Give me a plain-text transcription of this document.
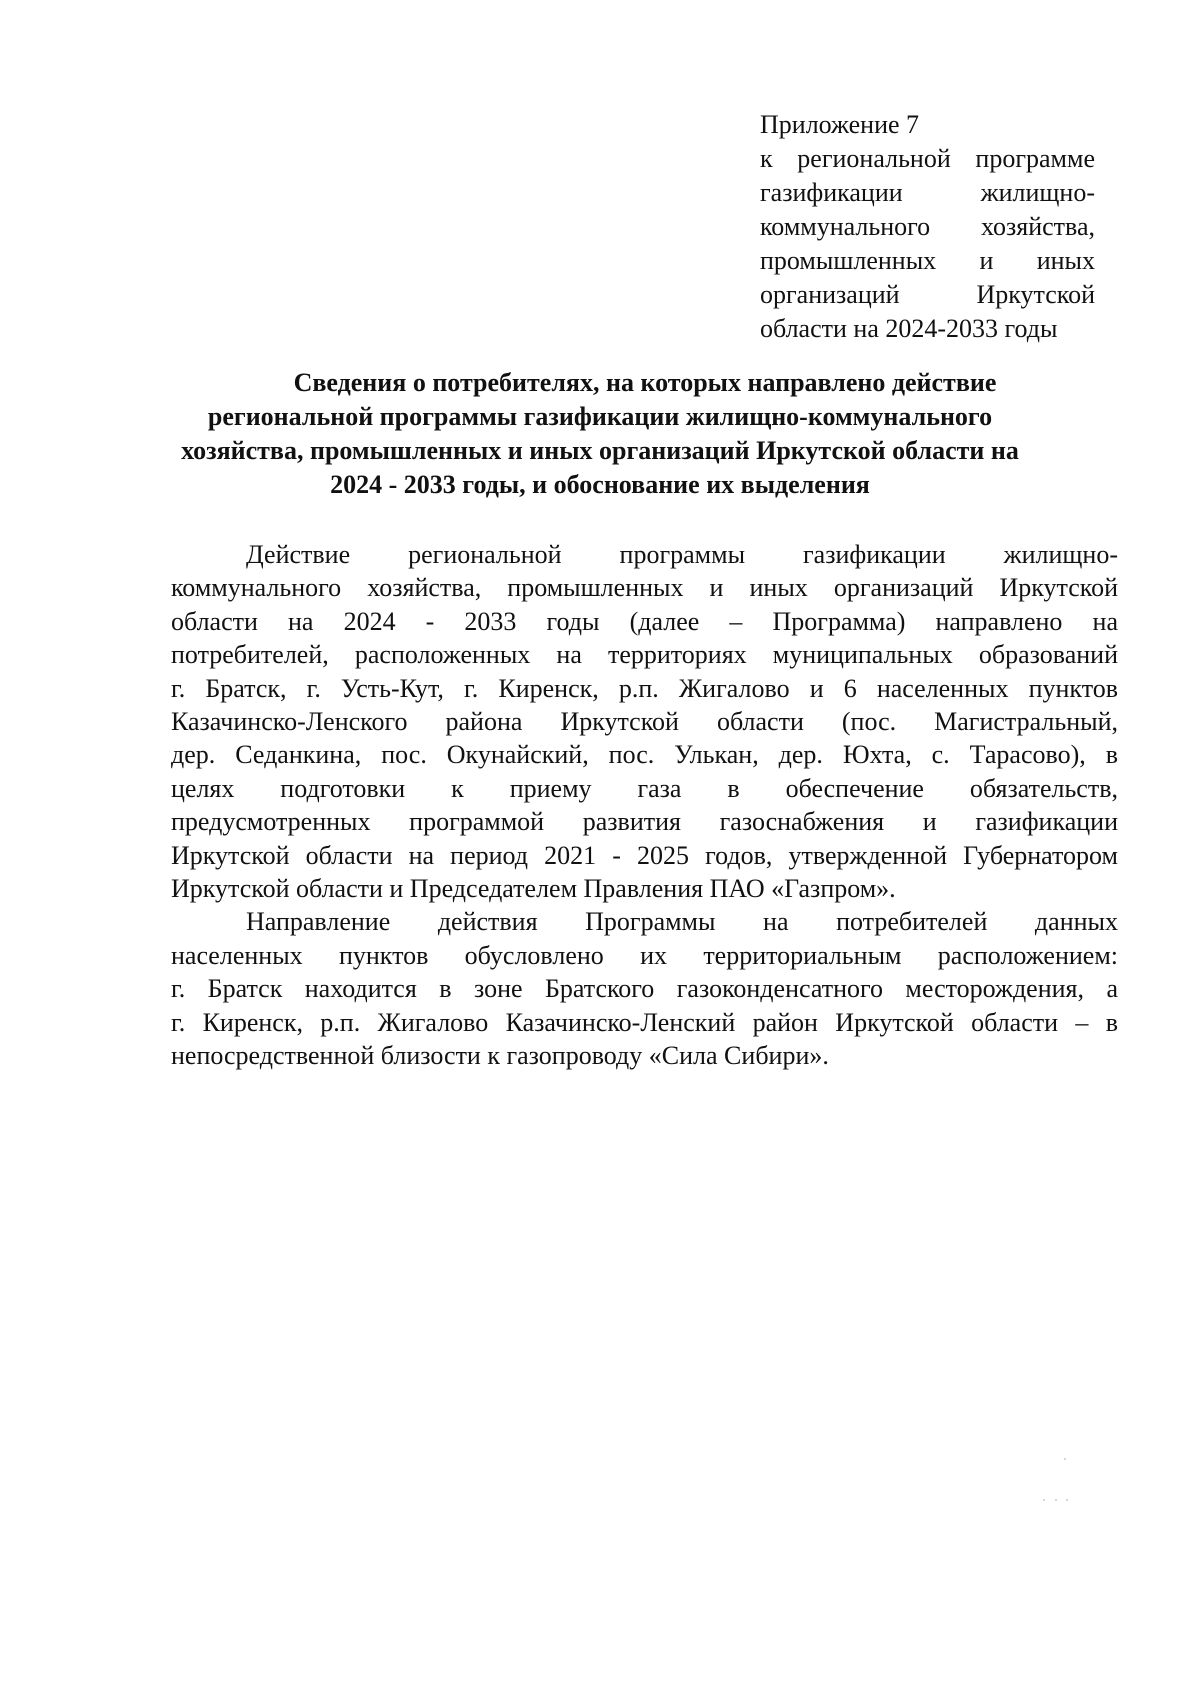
Приложение 7
к региональной программе
газификации жилищно-
коммунального хозяйства,
промышленных и иных
организаций Иркутской
области на 2024-2033 годы
Сведения о потребителях, на которых направлено действие
региональной программы газификации жилищно-коммунального
хозяйства, промышленных и иных организаций Иркутской области на
2024 - 2033 годы, и обоснование их выделения
Действие региональной программы газификации жилищно-
коммунального хозяйства, промышленных и иных организаций Иркутской
области на 2024 - 2033 годы (далее – Программа) направлено на
потребителей, расположенных на территориях муниципальных образований
г. Братск, г. Усть-Кут, г. Киренск, р.п. Жигалово и 6 населенных пунктов
Казачинско-Ленского района Иркутской области (пос. Магистральный,
дер. Седанкина, пос. Окунайский, пос. Улькан, дер. Юхта, с. Тарасово), в
целях подготовки к приему газа в обеспечение обязательств,
предусмотренных программой развития газоснабжения и газификации
Иркутской области на период 2021 - 2025 годов, утвержденной Губернатором
Иркутской области и Председателем Правления ПАО «Газпром».
Направление действия Программы на потребителей данных
населенных пунктов обусловлено их территориальным расположением:
г. Братск находится в зоне Братского газоконденсатного месторождения, а
г. Киренск, р.п. Жигалово Казачинско-Ленский район Иркутской области – в
непосредственной близости к газопроводу «Сила Сибири».
